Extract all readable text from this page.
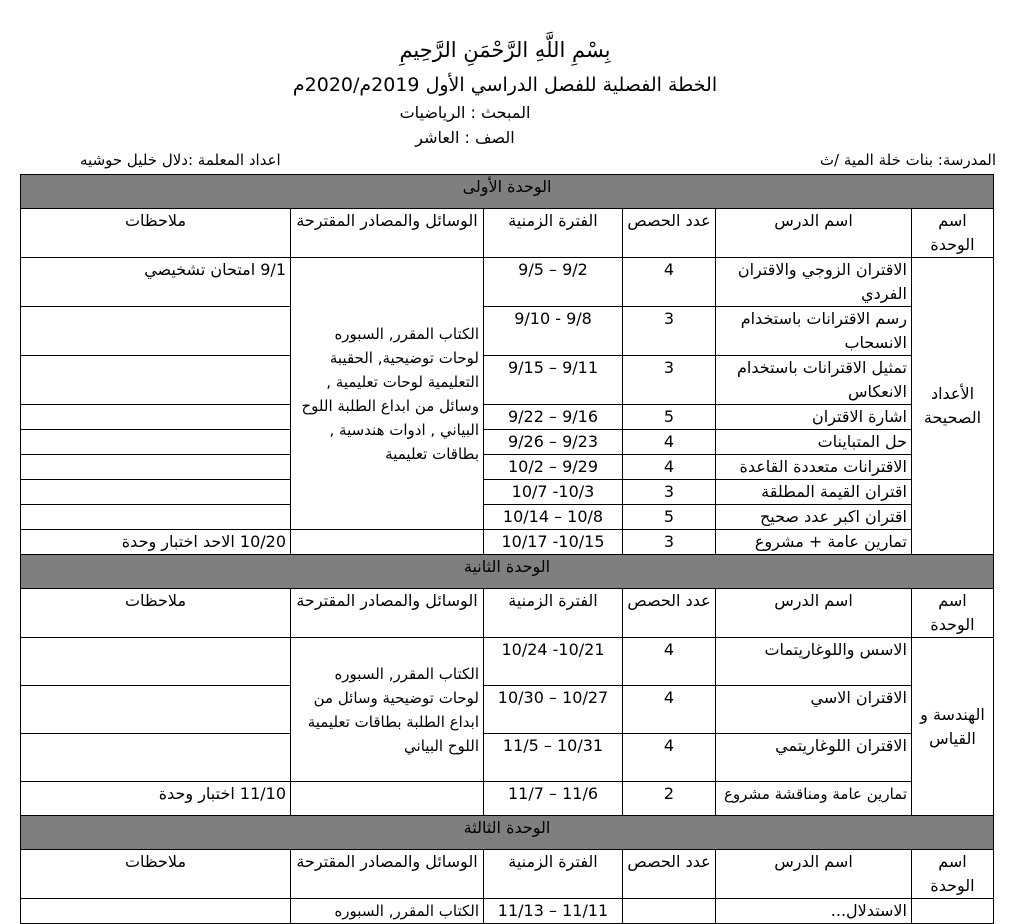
بِسْمِ اللَّهِ الرَّحْمَنِ الرَّحِيمِ
الخطة الفصلية للفصل الدراسي الأول 2019م/2020م
المبحث : الرياضيات
الصف : العاشر
المدرسة: بنات خلة المية /ث
اعداد المعلمة :دلال خليل حوشيه
الوحدة الأولى					
اسم الوحدة	اسم الدرس	عدد الحصص	الفترة الزمنية	الوسائل والمصادر المقترحة	ملاحظات
الأعداد الصحيحة	الاقتران الزوجي والاقتران الفردي	4	9/5 – 9/2	الكتاب المقرر, السبوره لوحات توضيحية, الحقيبة التعليمية لوحات تعليمية , وسائل من ابداع الطلبة اللوح البياني , ادوات هندسية , بطاقات تعليمية	9/1 امتحان تشخيصي
	رسم الاقترانات باستخدام الانسحاب	3	9/10 - 9/8		
	تمثيل الاقترانات باستخدام الانعكاس	3	9/15 – 9/11		
	اشارة الاقتران	5	9/22 – 9/16		
	حل المتباينات	4	9/26 – 9/23		
	الاقترانات متعددة القاعدة	4	10/2 – 9/29		
	اقتران القيمة المطلقة	3	10/7 -10/3		
	اقتران اكبر عدد صحيح	5	10/14 – 10/8		
	تمارين عامة + مشروع	3	10/17 -10/15		10/20 الاحد اختبار وحدة
الوحدة الثانية					
اسم الوحدة	اسم الدرس	عدد الحصص	الفترة الزمنية	الوسائل والمصادر المقترحة	ملاحظات
الهندسة و القياس	الاسس واللوغاريتمات	4	10/24 -10/21	الكتاب المقرر, السبوره لوحات توضيحية وسائل من ابداع الطلبة بطاقات تعليمية اللوح البياني	
	الاقتران الاسي	4	10/30 – 10/27		
	الاقتران اللوغاريتمي	4	11/5 – 10/31		
	تمارين عامة ومناقشة مشروع	2	11/7 – 11/6		11/10 اختبار وحدة
الوحدة الثالثة					
اسم الوحدة	اسم الدرس	عدد الحصص	الفترة الزمنية	الوسائل والمصادر المقترحة	ملاحظات
	الاستدلال...		11/13 – 11/11	الكتاب المقرر, السبوره	
